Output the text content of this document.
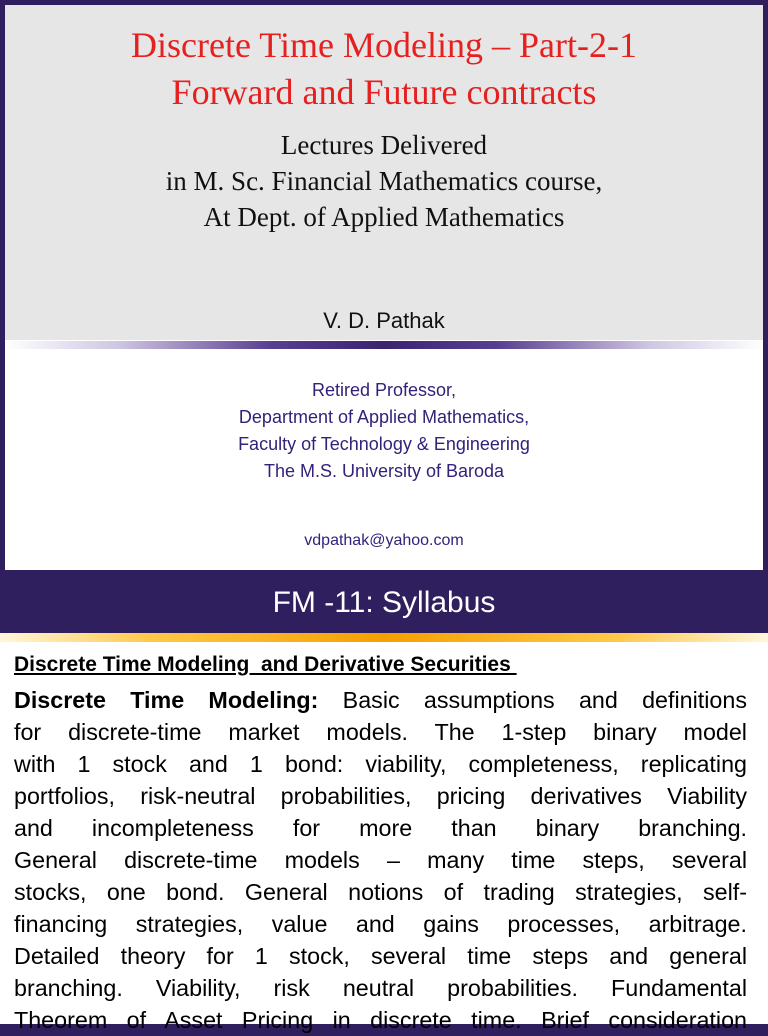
Discrete Time Modeling – Part-2-1
Forward and Future contracts
Lectures Delivered
in M. Sc. Financial Mathematics course,
At Dept. of Applied Mathematics
V. D. Pathak
Retired Professor,
Department of Applied Mathematics,
Faculty of Technology & Engineering
The M.S. University of Baroda
vdpathak@yahoo.com
FM -11: Syllabus
Discrete Time Modeling  and Derivative Securities
Discrete Time Modeling: Basic assumptions and definitions
for discrete-time market models. The 1-step binary model
with 1 stock and 1 bond: viability, completeness, replicating
portfolios, risk-neutral probabilities, pricing derivatives Viability
and incompleteness for more than binary branching.
General discrete-time models – many time steps, several
stocks, one bond. General notions of trading strategies, self-
financing strategies, value and gains processes, arbitrage.
Detailed theory for 1 stock, several time steps and general
branching. Viability, risk neutral probabilities. Fundamental
Theorem of Asset Pricing in discrete time. Brief consideration
